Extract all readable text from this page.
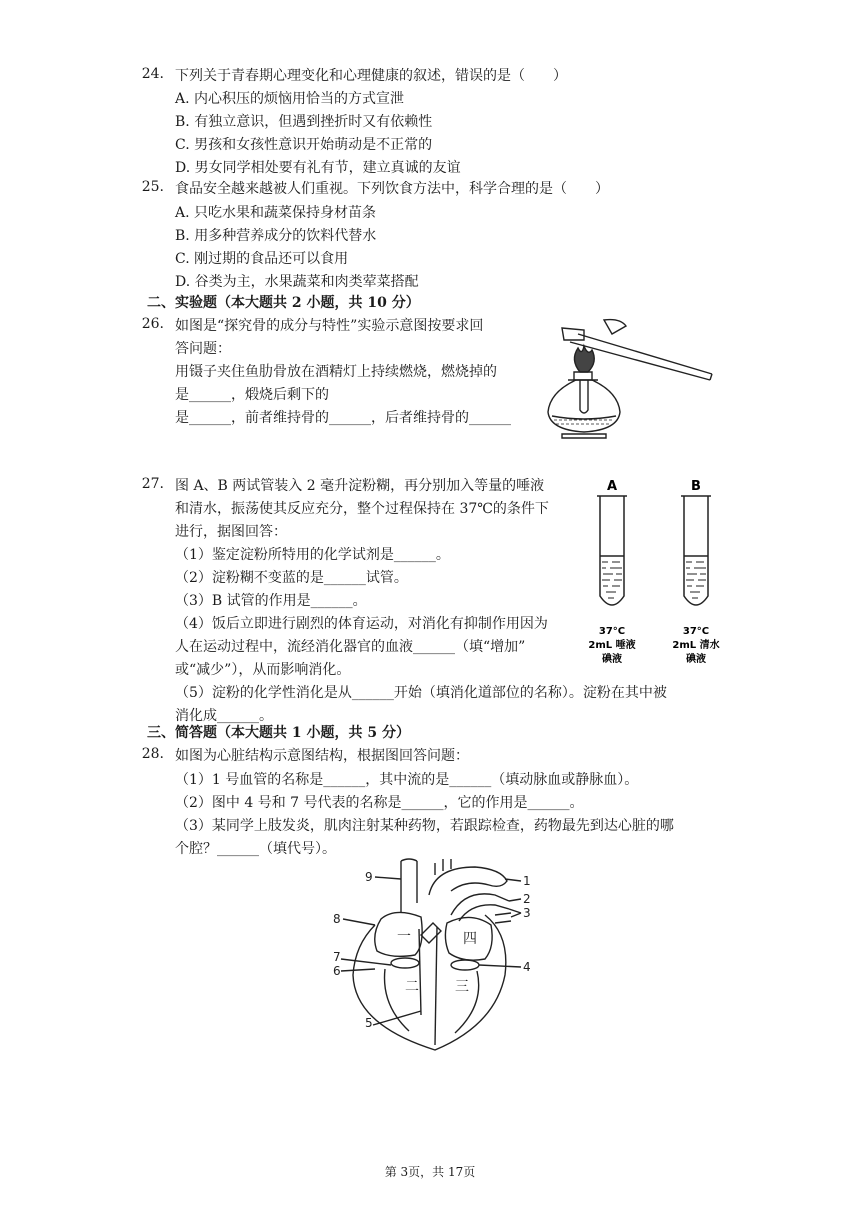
24. 下列关于青春期心理变化和心理健康的叙述，错误的是（　　）
A. 内心积压的烦恼用恰当的方式宣泄
B. 有独立意识，但遇到挫折时又有依赖性
C. 男孩和女孩性意识开始萌动是不正常的
D. 男女同学相处要有礼有节，建立真诚的友谊
25. 食品安全越来越被人们重视。下列饮食方法中，科学合理的是（　　）
A. 只吃水果和蔬菜保持身材苗条
B. 用多种营养成分的饮料代替水
C. 刚过期的食品还可以食用
D. 谷类为主，水果蔬菜和肉类荤菜搭配
二、实验题（本大题共 2 小题，共 10 分）
26. 如图是“探究骨的成分与特性”实验示意图按要求回
答问题：
用镊子夹住鱼肋骨放在酒精灯上持续燃烧，燃烧掉的
是______，煅烧后剩下的
是______，前者维持骨的______，后者维持骨的______
27. 图 A、B 两试管装入 2 毫升淀粉糊，再分别加入等量的唾液
和清水，振荡使其反应充分，整个过程保持在 37℃的条件下
进行，据图回答：
（1）鉴定淀粉所特用的化学试剂是______。
（2）淀粉糊不变蓝的是______试管。
（3）B 试管的作用是______。
（4）饭后立即进行剧烈的体育运动，对消化有抑制作用因为
人在运动过程中，流经消化器官的血液______（填“增加”
或“减少”），从而影响消化。
（5）淀粉的化学性消化是从______开始（填消化道部位的名称）。淀粉在其中被
消化成______。
A	B
37°C
2mL 唾液
碘液
37°C
2mL 清水
碘液
三、简答题（本大题共 1 小题，共 5 分）
28. 如图为心脏结构示意图结构，根据图回答问题：
（1）1 号血管的名称是______，其中流的是______（填动脉血或静脉血）。
（2）图中 4 号和 7 号代表的名称是______，它的作用是______。
（3）某同学上肢发炎，肌肉注射某种药物，若跟踪检查，药物最先到达心脏的哪
个腔？______（填代号）。
1
2
3
4
5
6
7
8
9
一
二	三
四
第 3页，共 17页
